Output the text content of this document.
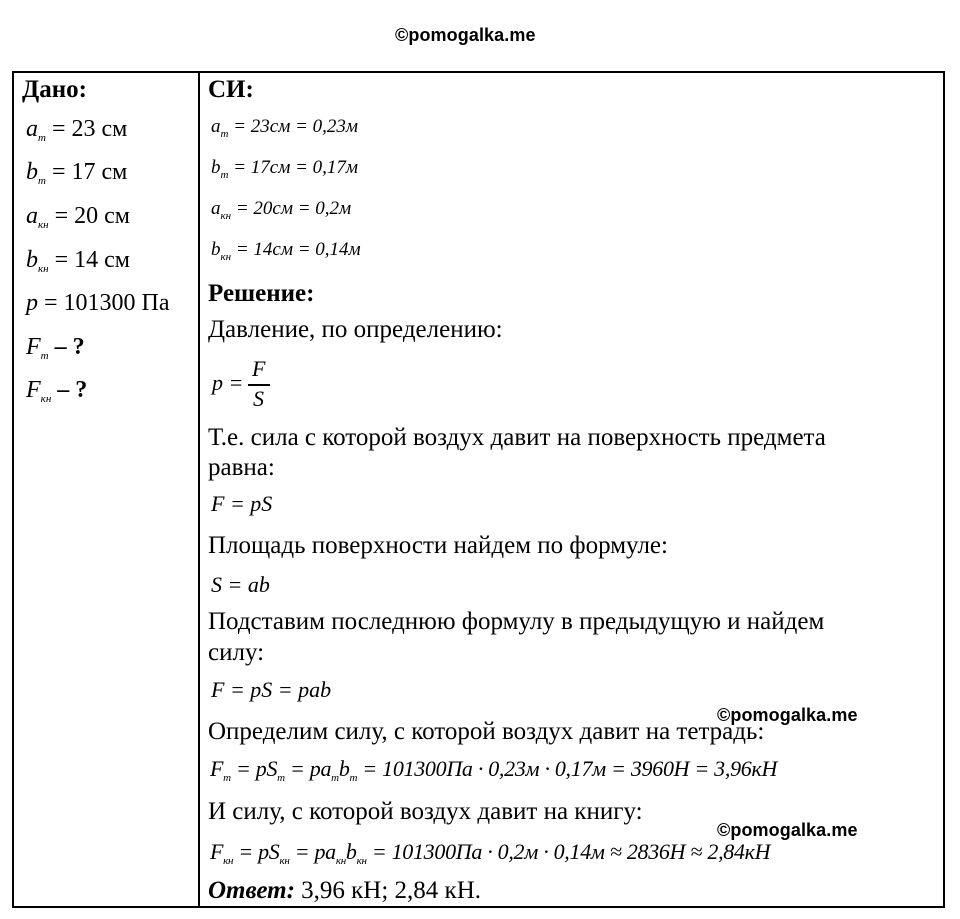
©pomogalka.me
Дано:
$a_т = 23$ см
$b_т = 17$ см
$a_{кн} = 20$ см
$b_{кн} = 14$ см
p = 101300 Па
$F_т$ – ?
$F_{кн}$ – ?
СИ:
$a_т = 23см = 0,23м$
$b_т = 17см = 0,17м$
$a_{кн} = 20см = 0,2м$
$b_{кн} = 14см = 0,14м$
Решение:
Давление, по определению:
p =
F
S
Т.е. сила с которой воздух давит на поверхность предмета
равна:
F = pS
Площадь поверхности найдем по формуле:
S = ab
Подставим последнюю формулу в предыдущую и найдем
силу:
F = pS = pab
©pomogalka.me
Определим силу, с которой воздух давит на тетрадь:
$F_т = pS_т = pa_тb_т = 101300Па \cdot 0,23м \cdot 0,17м = 3960Н = 3,96кН$
И силу, с которой воздух давит на книгу:
©pomogalka.me
$F_{кн} = pS_{кн} = pa_{кн}b_{кн} = 101300Па \cdot 0,2м \cdot 0,14м \approx 2836Н \approx 2,84кН$
Ответ: 3,96 кН; 2,84 кН.
